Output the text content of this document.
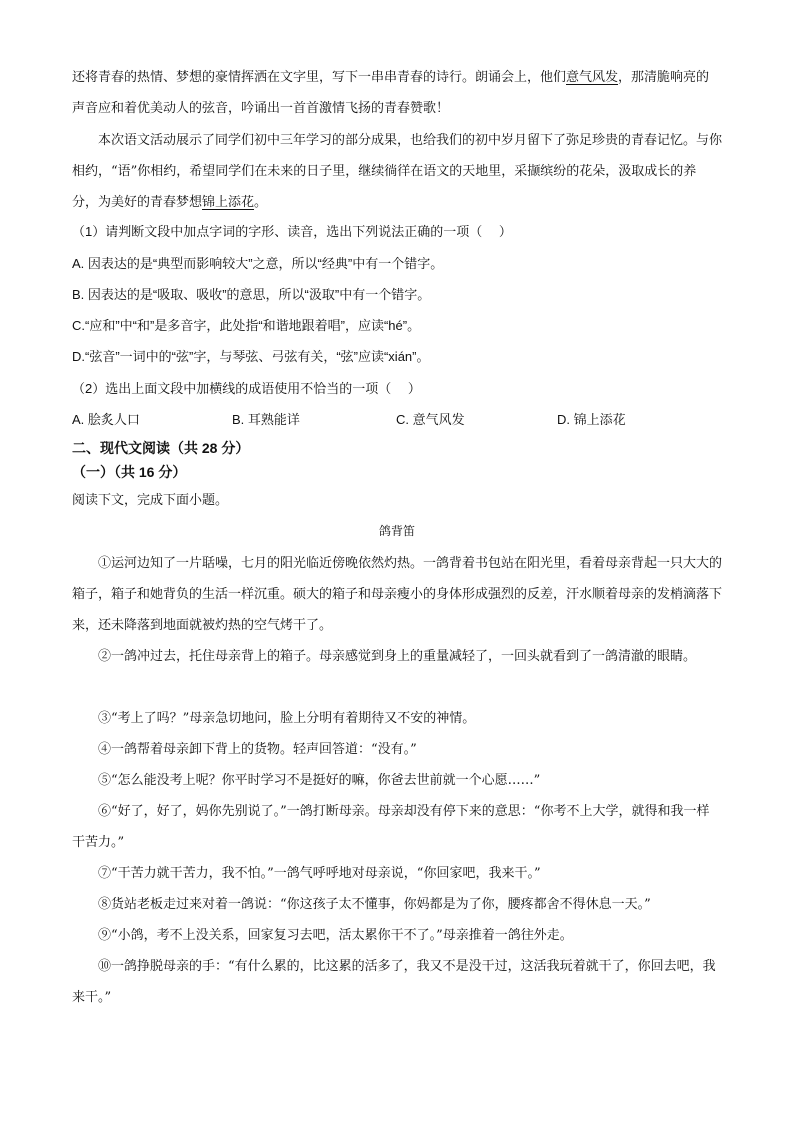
还将青春的热情、梦想的豪情挥洒在文字里，写下一串串青春的诗行。朗诵会上，他们意气风发，那清脆响亮的声音应和着优美动人的弦音，吟诵出一首首激情飞扬的青春赞歌！
本次语文活动展示了同学们初中三年学习的部分成果，也给我们的初中岁月留下了弥足珍贵的青春记忆。与你相约，“语”你相约，希望同学们在未来的日子里，继续徜徉在语文的天地里，采撷缤纷的花朵，汲取成长的养分，为美好的青春梦想锦上添花。
（1）请判断文段中加点字词的字形、读音，选出下列说法正确的一项（　 ）
A. 因表达的是“典型而影响较大”之意，所以“经典”中有一个错字。
B. 因表达的是“吸取、吸收”的意思，所以“汲取”中有一个错字。
C.“应和”中“和”是多音字，此处指“和谐地跟着唱”，应读“hé”。
D.“弦音”一词中的“弦”字，与琴弦、弓弦有关，“弦”应读“xián”。
（2）选出上面文段中加横线的成语使用不恰当的一项（　 ）
A. 脍炙人口	B. 耳熟能详	C. 意气风发	D. 锦上添花
二、现代文阅读（共 28 分）
（一）（共 16 分）
阅读下文，完成下面小题。
鸽背笛
①运河边知了一片聒噪，七月的阳光临近傍晚依然灼热。一鸽背着书包站在阳光里，看着母亲背起一只大大的箱子，箱子和她背负的生活一样沉重。硕大的箱子和母亲瘦小的身体形成强烈的反差，汗水顺着母亲的发梢滴落下来，还未降落到地面就被灼热的空气烤干了。
②一鸽冲过去，托住母亲背上的箱子。母亲感觉到身上的重量减轻了，一回头就看到了一鸽清澈的眼睛。
③“考上了吗？”母亲急切地问，脸上分明有着期待又不安的神情。
④一鸽帮着母亲卸下背上的货物。轻声回答道：“没有。”
⑤“怎么能没考上呢？你平时学习不是挺好的嘛，你爸去世前就一个心愿……”
⑥“好了，好了，妈你先别说了。”一鸽打断母亲。母亲却没有停下来的意思：“你考不上大学，就得和我一样干苦力。”
⑦“干苦力就干苦力，我不怕。”一鸽气呼呼地对母亲说，“你回家吧，我来干。”
⑧货站老板走过来对着一鸽说：“你这孩子太不懂事，你妈都是为了你，腰疼都舍不得休息一天。”
⑨“小鸽，考不上没关系，回家复习去吧，活太累你干不了。”母亲推着一鸽往外走。
⑩一鸽挣脱母亲的手：“有什么累的，比这累的活多了，我又不是没干过，这活我玩着就干了，你回去吧，我来干。”
